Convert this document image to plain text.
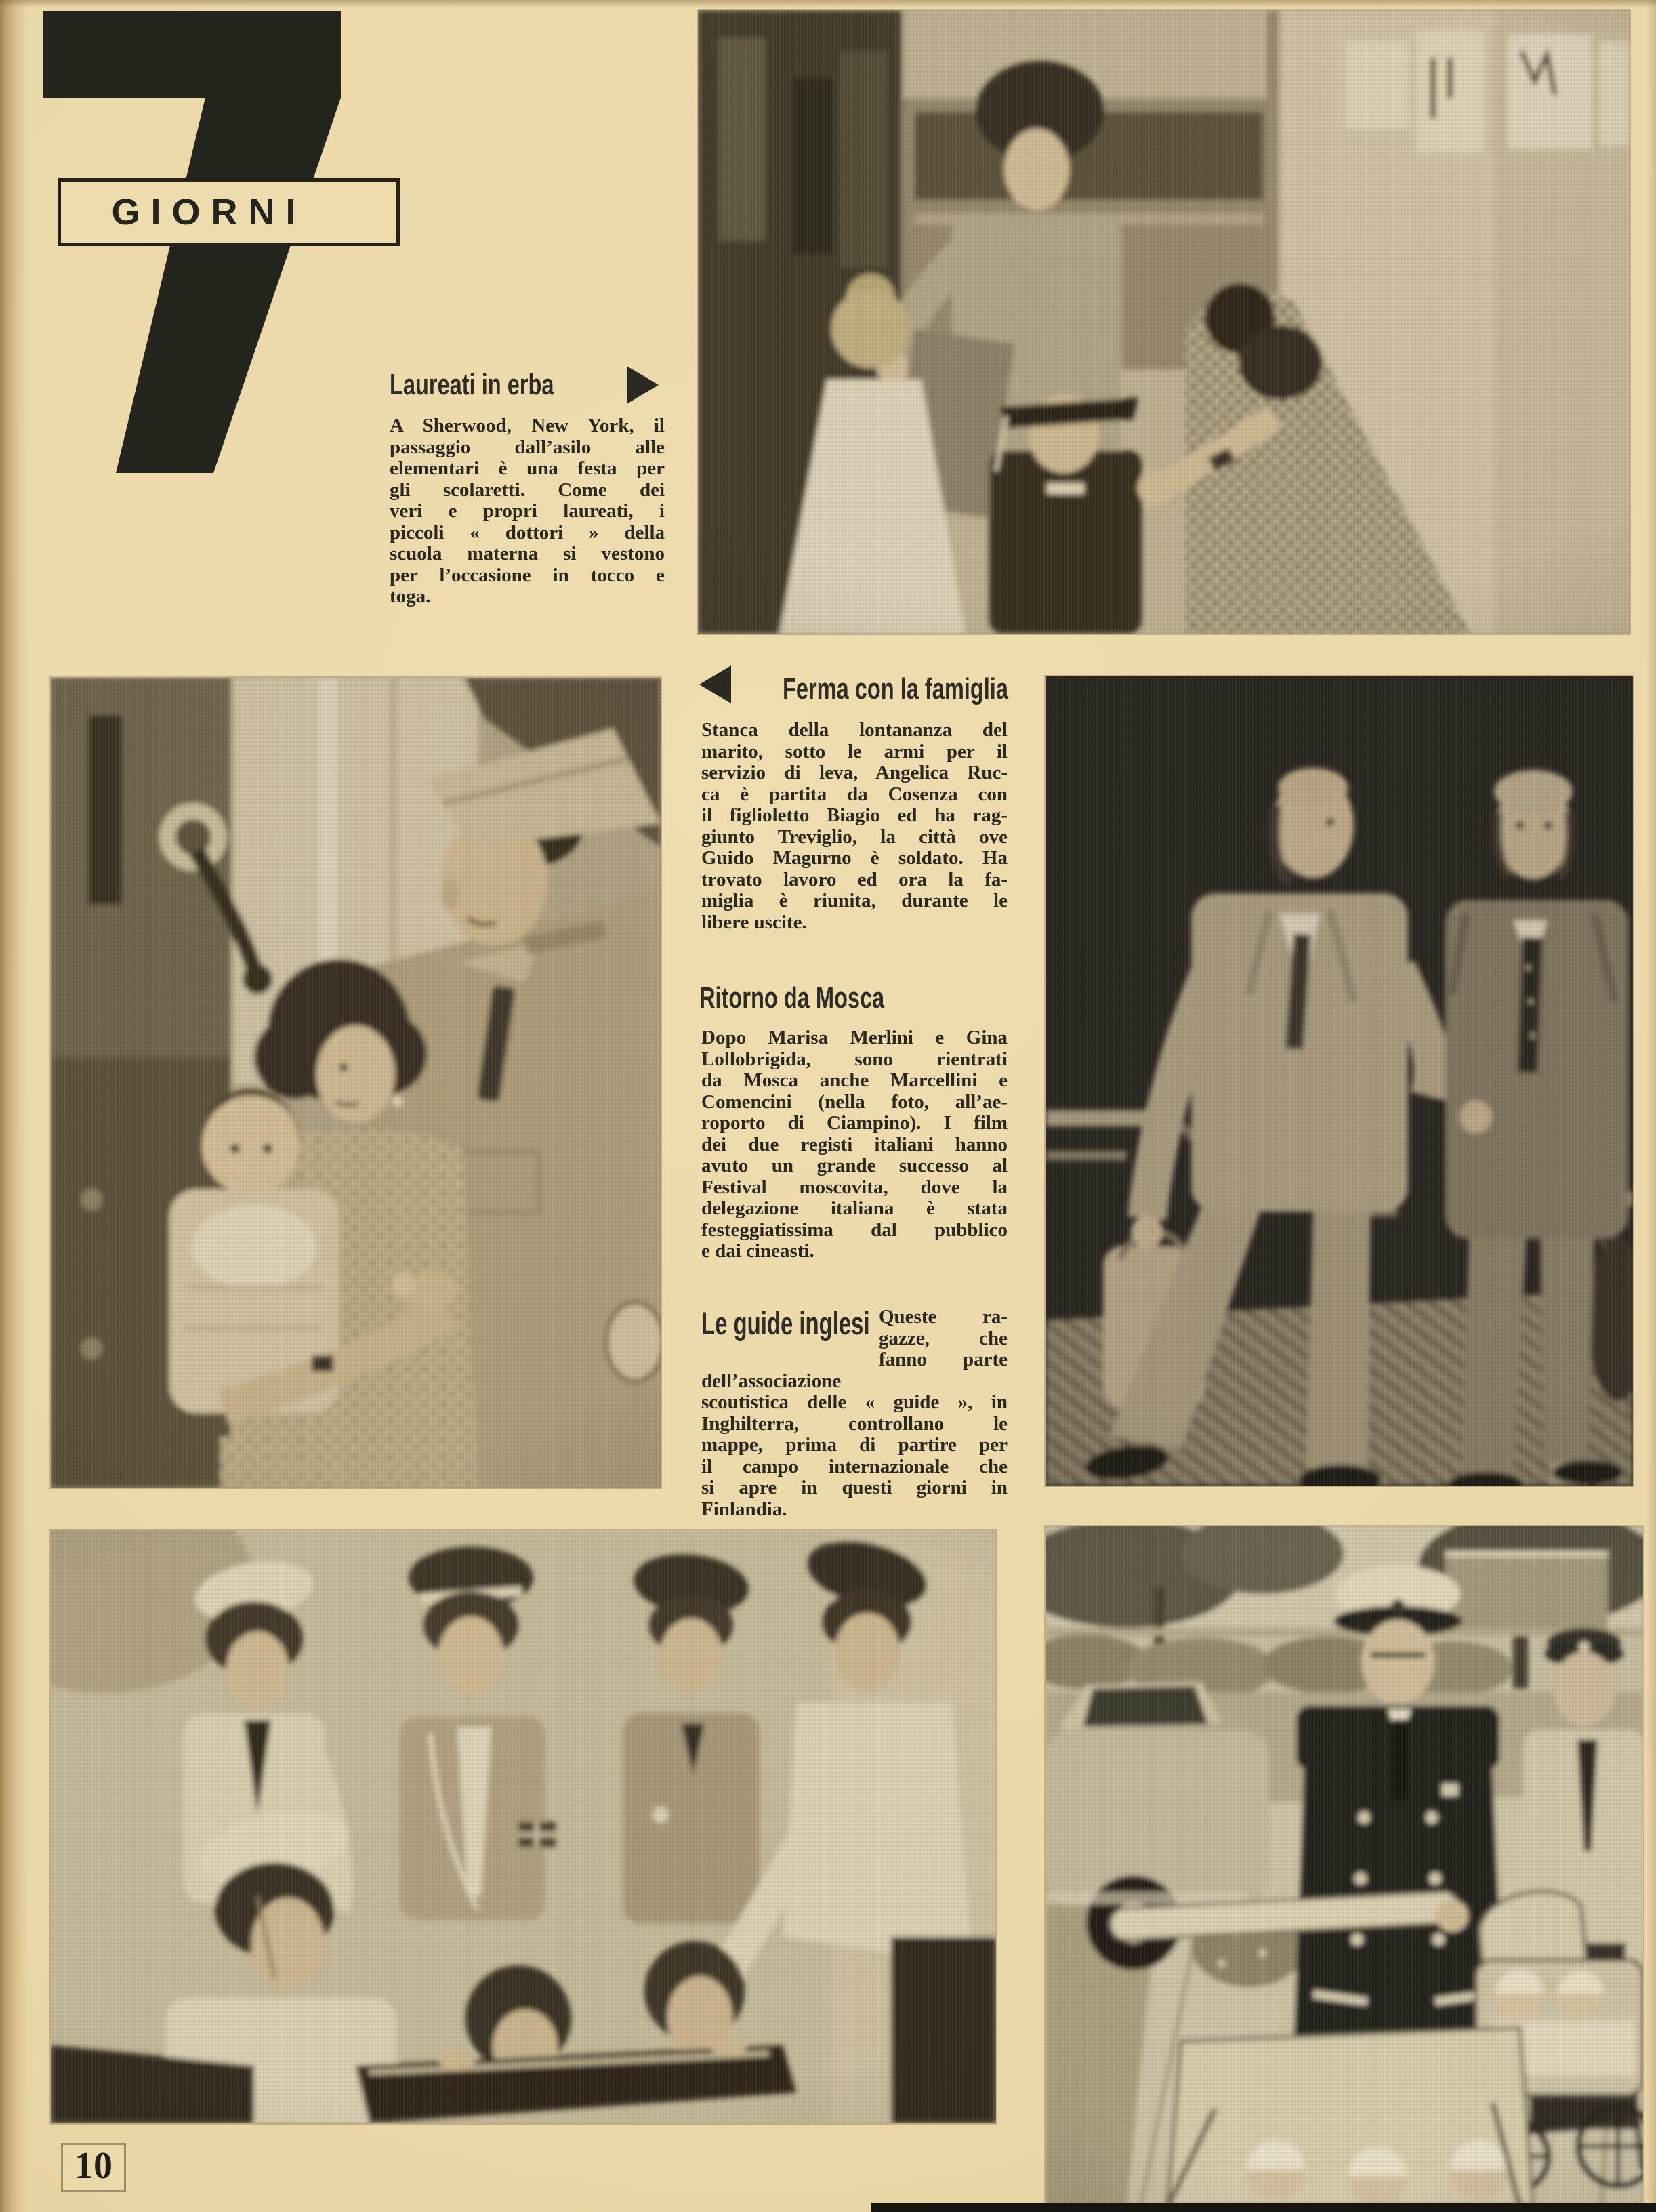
GIORNI
Laureati in erba
A Sherwood, New York, il
passaggio dall’asilo alle
elementari è una festa per
gli scolaretti. Come dei
veri e propri laureati, i
piccoli « dottori » della
scuola materna si vestono
per l’occasione in tocco e
toga.
Ferma con la famiglia
Stanca della lontananza del
marito, sotto le armi per il
servizio di leva, Angelica Ruc-
ca è partita da Cosenza con
il figlioletto Biagio ed ha rag-
giunto Treviglio, la città ove
Guido Magurno è soldato. Ha
trovato lavoro ed ora la fa-
miglia è riunita, durante le
libere uscite.
Ritorno da Mosca
Dopo Marisa Merlini e Gina
Lollobrigida, sono rientrati
da Mosca anche Marcellini e
Comencini (nella foto, all’ae-
roporto di Ciampino). I film
dei due registi italiani hanno
avuto un grande successo al
Festival moscovita, dove la
delegazione italiana è stata
festeggiatissima dal pubblico
e dai cineasti.
Le guide inglesi Queste ra-
gazze, che
fanno parte dell’associazione
scoutistica delle « guide », in
Inghilterra, controllano le
mappe, prima di partire per
il campo internazionale che
si apre in questi giorni in
Finlandia.
10
